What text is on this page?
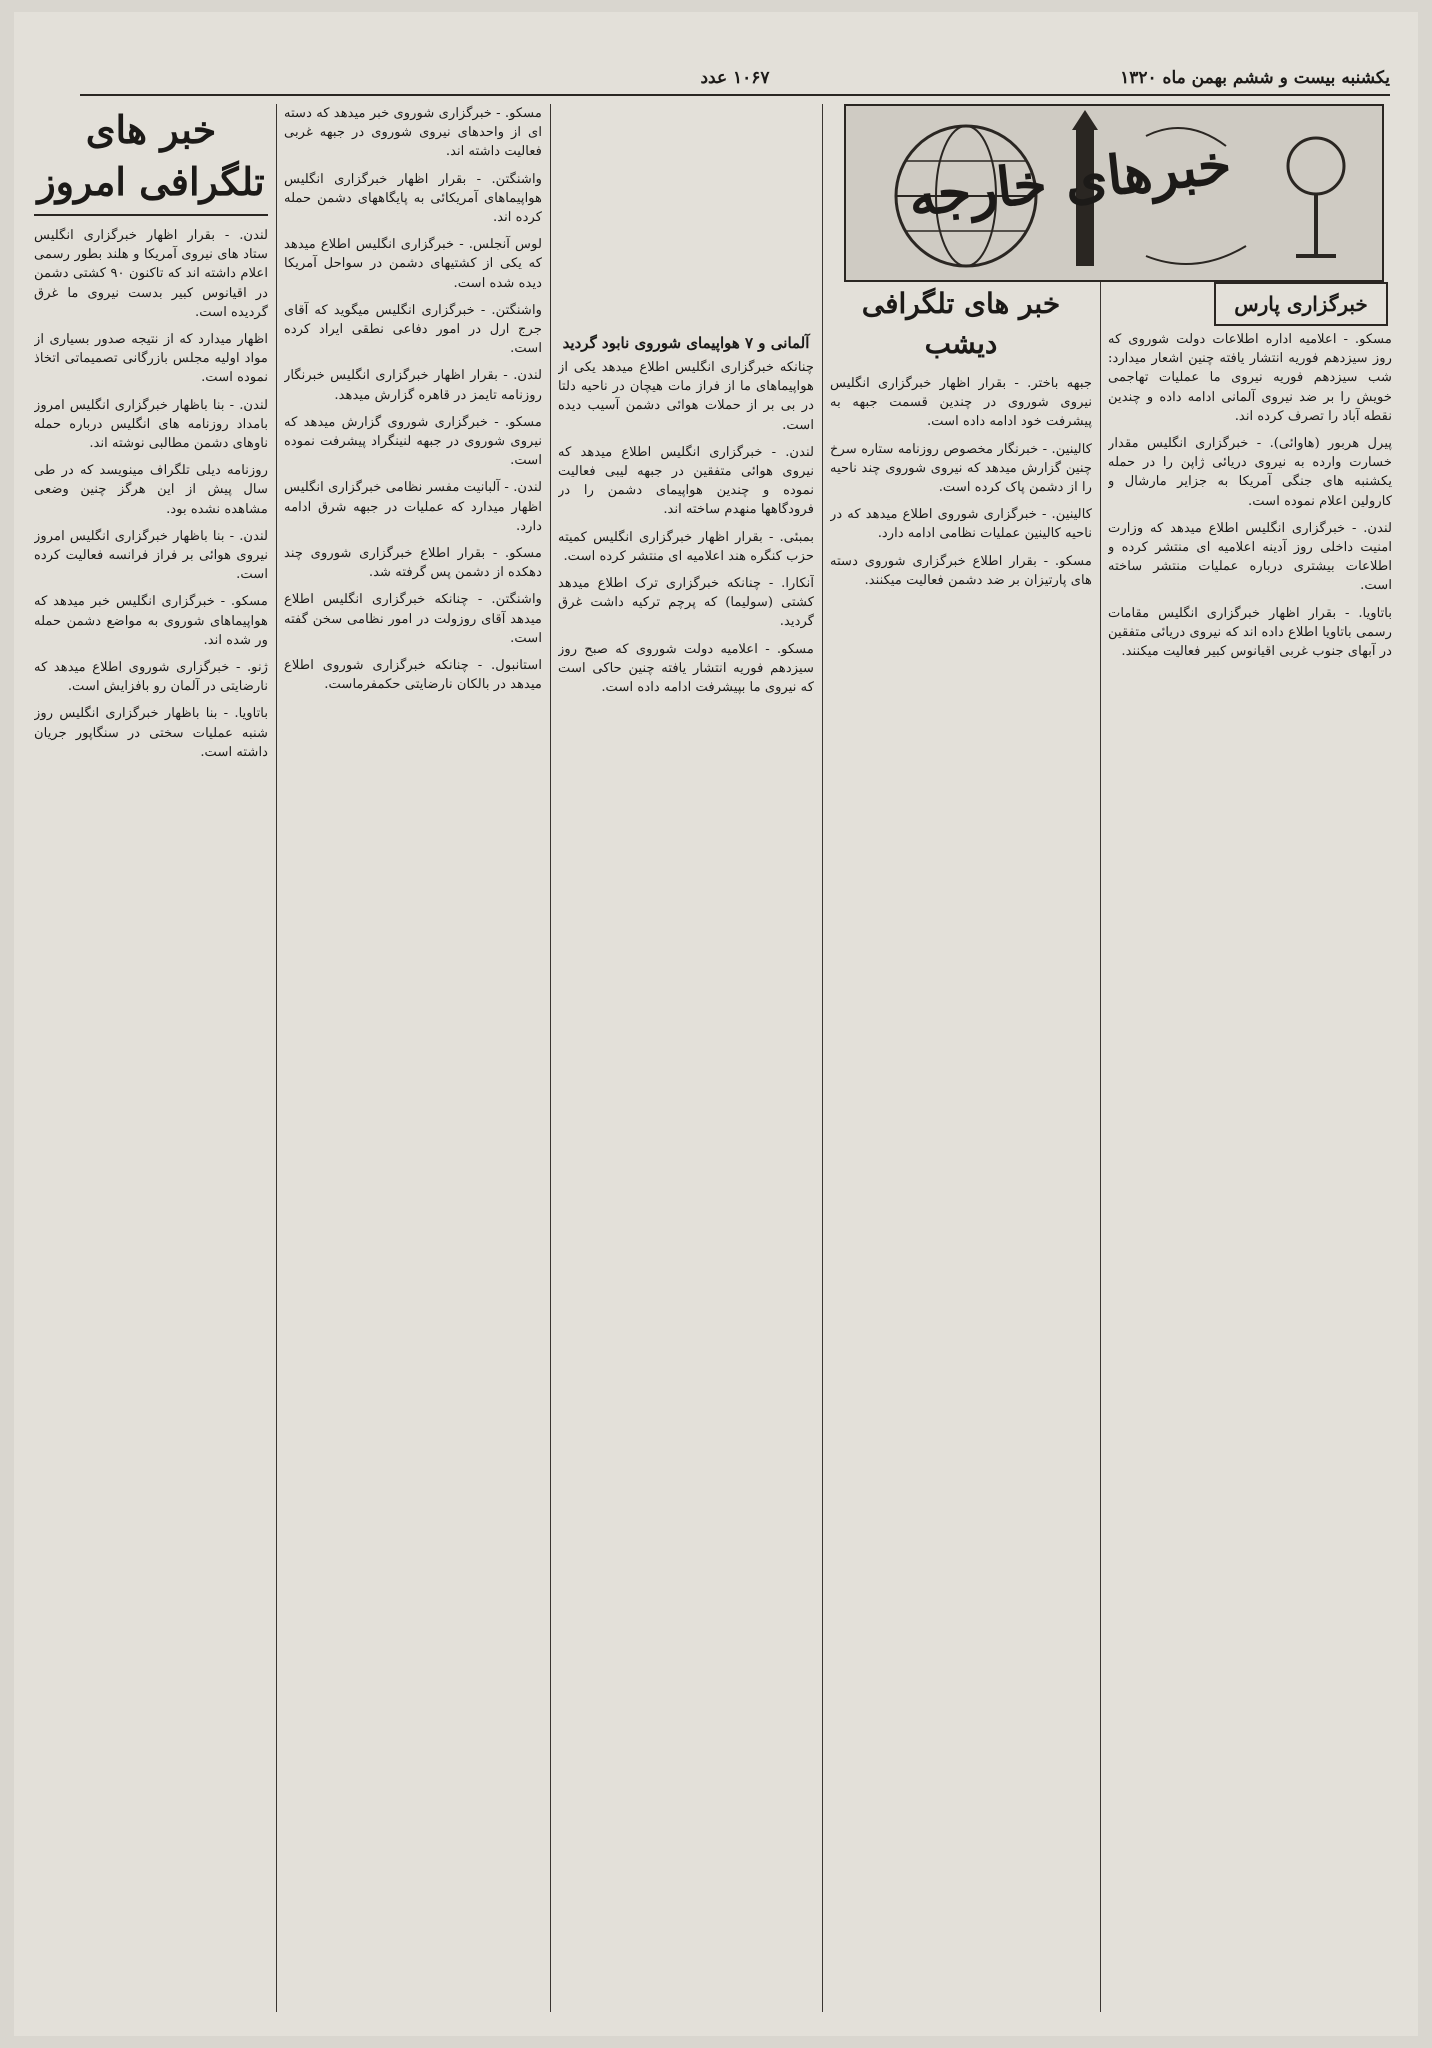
یکشنبه بیست و ششم بهمن ماه ۱۳۲۰
۱۰۶۷ عدد
خبرهای خارجه
خبرگزاری پارس

مسکو. - اعلامیه اداره اطلاعات دولت شوروی که روز سیزدهم فوریه انتشار یافته چنین اشعار میدارد: شب سیزدهم فوریه نیروی ما عملیات تهاجمی خویش را بر ضد نیروی آلمانی ادامه داده و چندین نقطه آباد را تصرف کرده اند.

پیرل هربور (هاوائی). - خبرگزاری انگلیس مقدار خسارت وارده به نیروی دریائی ژاپن را در حمله یکشنبه های جنگی آمریکا به جزایر مارشال و کارولین اعلام نموده است.

لندن. - خبرگزاری انگلیس اطلاع میدهد که وزارت امنیت داخلی روز آدینه اعلامیه ای منتشر کرده و اطلاعات بیشتری درباره عملیات منتشر ساخته است.

باتاویا. - بقرار اظهار خبرگزاری انگلیس مقامات رسمی باتاویا اطلاع داده اند که نیروی دریائی متفقین در آبهای جنوب غربی اقیانوس کبیر فعالیت میکنند.

خبر های تلگرافی دیشب

جبهه باختر. - بقرار اظهار خبرگزاری انگلیس نیروی شوروی در چندین قسمت جبهه به پیشرفت خود ادامه داده است.

کالینین. - خبرنگار مخصوص روزنامه ستاره سرخ چنین گزارش میدهد که نیروی شوروی چند ناحیه را از دشمن پاک کرده است.

کالینین. - خبرگزاری شوروی اطلاع میدهد که در ناحیه کالینین عملیات نظامی ادامه دارد.

مسکو. - بقرار اطلاع خبرگزاری شوروی دسته های پارتیزان بر ضد دشمن فعالیت میکنند.

آلمانی و ۷ هواپیمای شوروی نابود گردید

چنانکه خبرگزاری انگلیس اطلاع میدهد یکی از هواپیماهای ما از فراز مات هیچان در ناحیه دلتا در بی بر از حملات هوائی دشمن آسیب دیده است.

لندن. - خبرگزاری انگلیس اطلاع میدهد که نیروی هوائی متفقین در جبهه لیبی فعالیت نموده و چندین هواپیمای دشمن را در فرودگاهها منهدم ساخته اند.

بمبئی. - بقرار اظهار خبرگزاری انگلیس کمیته حزب کنگره هند اعلامیه ای منتشر کرده است.

آنکارا. - چنانکه خبرگزاری ترک اطلاع میدهد کشتی (سولیما) که پرچم ترکیه داشت غرق گردید.

مسکو. - اعلامیه دولت شوروی که صبح روز سیزدهم فوریه انتشار یافته چنین حاکی است که نیروی ما بپیشرفت ادامه داده است.

مسکو. - خبرگزاری شوروی خبر میدهد که دسته ای از واحدهای نیروی شوروی در جبهه غربی فعالیت داشته اند.

واشنگتن. - بقرار اظهار خبرگزاری انگلیس هواپیماهای آمریکائی به پایگاههای دشمن حمله کرده اند.

لوس آنجلس. - خبرگزاری انگلیس اطلاع میدهد که یکی از کشتیهای دشمن در سواحل آمریکا دیده شده است.

واشنگتن. - خبرگزاری انگلیس میگوید که آقای جرج ارل در امور دفاعی نطقی ایراد کرده است.

لندن. - بقرار اظهار خبرگزاری انگلیس خبرنگار روزنامه تایمز در قاهره گزارش میدهد.

مسکو. - خبرگزاری شوروی گزارش میدهد که نیروی شوروی در جبهه لنینگراد پیشرفت نموده است.

لندن. - آلبانیت مفسر نظامی خبرگزاری انگلیس اظهار میدارد که عملیات در جبهه شرق ادامه دارد.

مسکو. - بقرار اطلاع خبرگزاری شوروی چند دهکده از دشمن پس گرفته شد.

واشنگتن. - چنانکه خبرگزاری انگلیس اطلاع میدهد آقای روزولت در امور نظامی سخن گفته است.

استانبول. - چنانکه خبرگزاری شوروی اطلاع میدهد در بالکان نارضایتی حکمفرماست.

خبر های تلگرافی امروز

لندن. - بقرار اظهار خبرگزاری انگلیس ستاد های نیروی آمریکا و هلند بطور رسمی اعلام داشته اند که تاکنون ۹۰ کشتی دشمن در اقیانوس کبیر بدست نیروی ما غرق گردیده است.

اظهار میدارد که از نتیجه صدور بسیاری از مواد اولیه مجلس بازرگانی تصمیماتی اتخاذ نموده است.

لندن. - بنا باظهار خبرگزاری انگلیس امروز بامداد روزنامه های انگلیس درباره حمله ناوهای دشمن مطالبی نوشته اند.

روزنامه دیلی تلگراف مینویسد که در طی سال پیش از این هرگز چنین وضعی مشاهده نشده بود.

لندن. - بنا باظهار خبرگزاری انگلیس امروز نیروی هوائی بر فراز فرانسه فعالیت کرده است.

مسکو. - خبرگزاری انگلیس خبر میدهد که هواپیماهای شوروی به مواضع دشمن حمله ور شده اند.

ژنو. - خبرگزاری شوروی اطلاع میدهد که نارضایتی در آلمان رو بافزایش است.

باتاویا. - بنا باظهار خبرگزاری انگلیس روز شنبه عملیات سختی در سنگاپور جریان داشته است.
